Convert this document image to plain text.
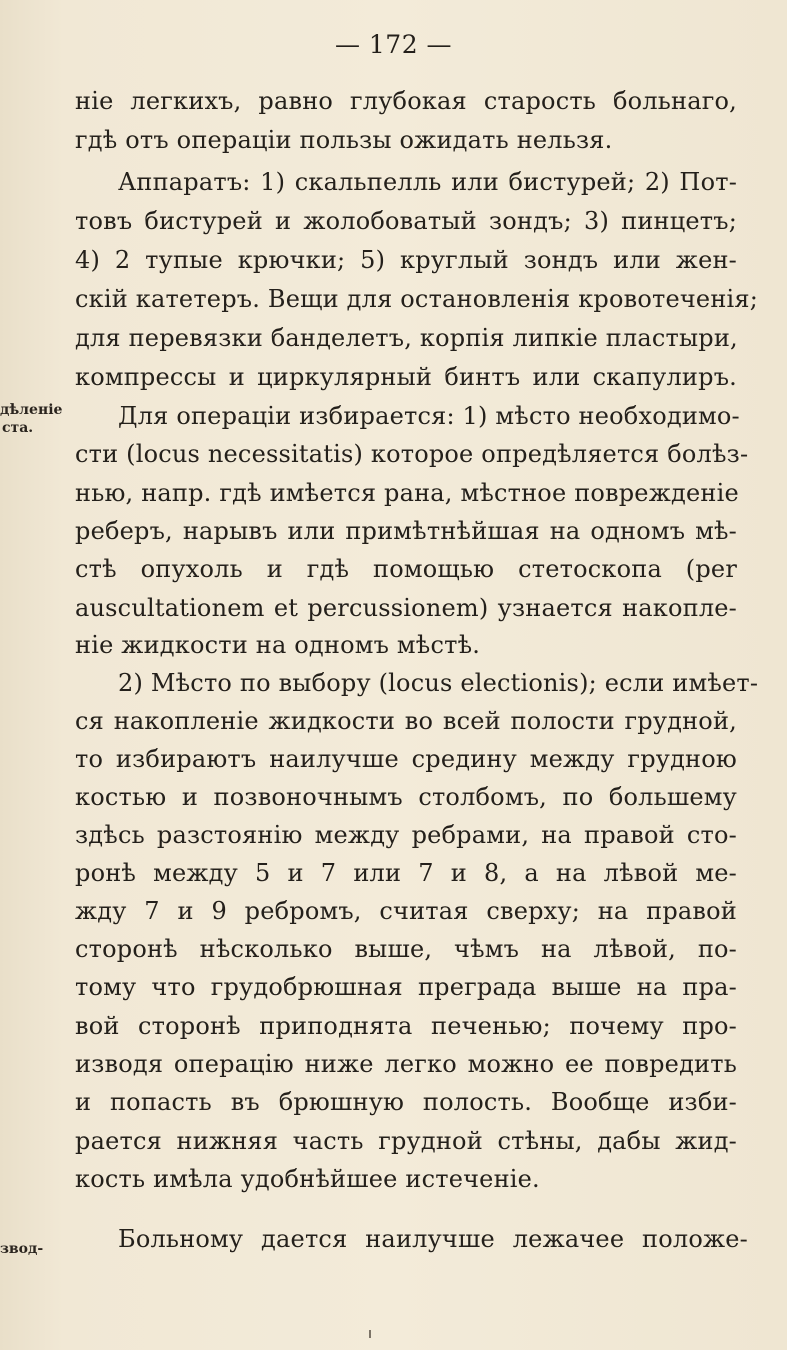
— 172 —
дѣленіе
ста.
звод-
ніе легкихъ, равно глубокая старость больнаго,
гдѣ отъ операціи пользы ожидать нельзя.
Аппаратъ: 1) скальпелль или бистурей; 2) Пот-
товъ бистурей и жолобоватый зондъ; 3) пинцетъ;
4) 2 тупые крючки; 5) круглый зондъ или жен-
скій катетеръ. Вещи для остановленія кровотеченія;
для перевязки банделетъ, корпія липкіе пластыри,
компрессы и циркулярный бинтъ или скапулиръ.
Для операціи избирается: 1) мѣсто необходимо-
сти (locus necessitatis) которое опредѣляется болѣз-
нью, напр. гдѣ имѣется рана, мѣстное поврежденіе
реберъ, нарывъ или примѣтнѣйшая на одномъ мѣ-
стѣ опухоль и гдѣ помощью стетоскопа (per
auscultationem et percussionem) узнается накопле-
ніе жидкости на одномъ мѣстѣ.
2) Мѣсто по выбору (locus electionis); если имѣет-
ся накопленіе жидкости во всей полости грудной,
то избираютъ наилучше средину между грудною
костью и позвоночнымъ столбомъ, по большему
здѣсь разстоянію между ребрами, на правой сто-
ронѣ между 5 и 7 или 7 и 8, а на лѣвой ме-
жду 7 и 9 ребромъ, считая сверху; на правой
сторонѣ нѣсколько выше, чѣмъ на лѣвой, по-
тому что грудобрюшная преграда выше на пра-
вой сторонѣ приподнята печенью; почему про-
изводя операцію ниже легко можно ее повредить
и попасть въ брюшную полость. Вообще изби-
рается нижняя часть грудной стѣны, дабы жид-
кость имѣла удобнѣйшее истеченіе.
Больному дается наилучше лежачее положе-
